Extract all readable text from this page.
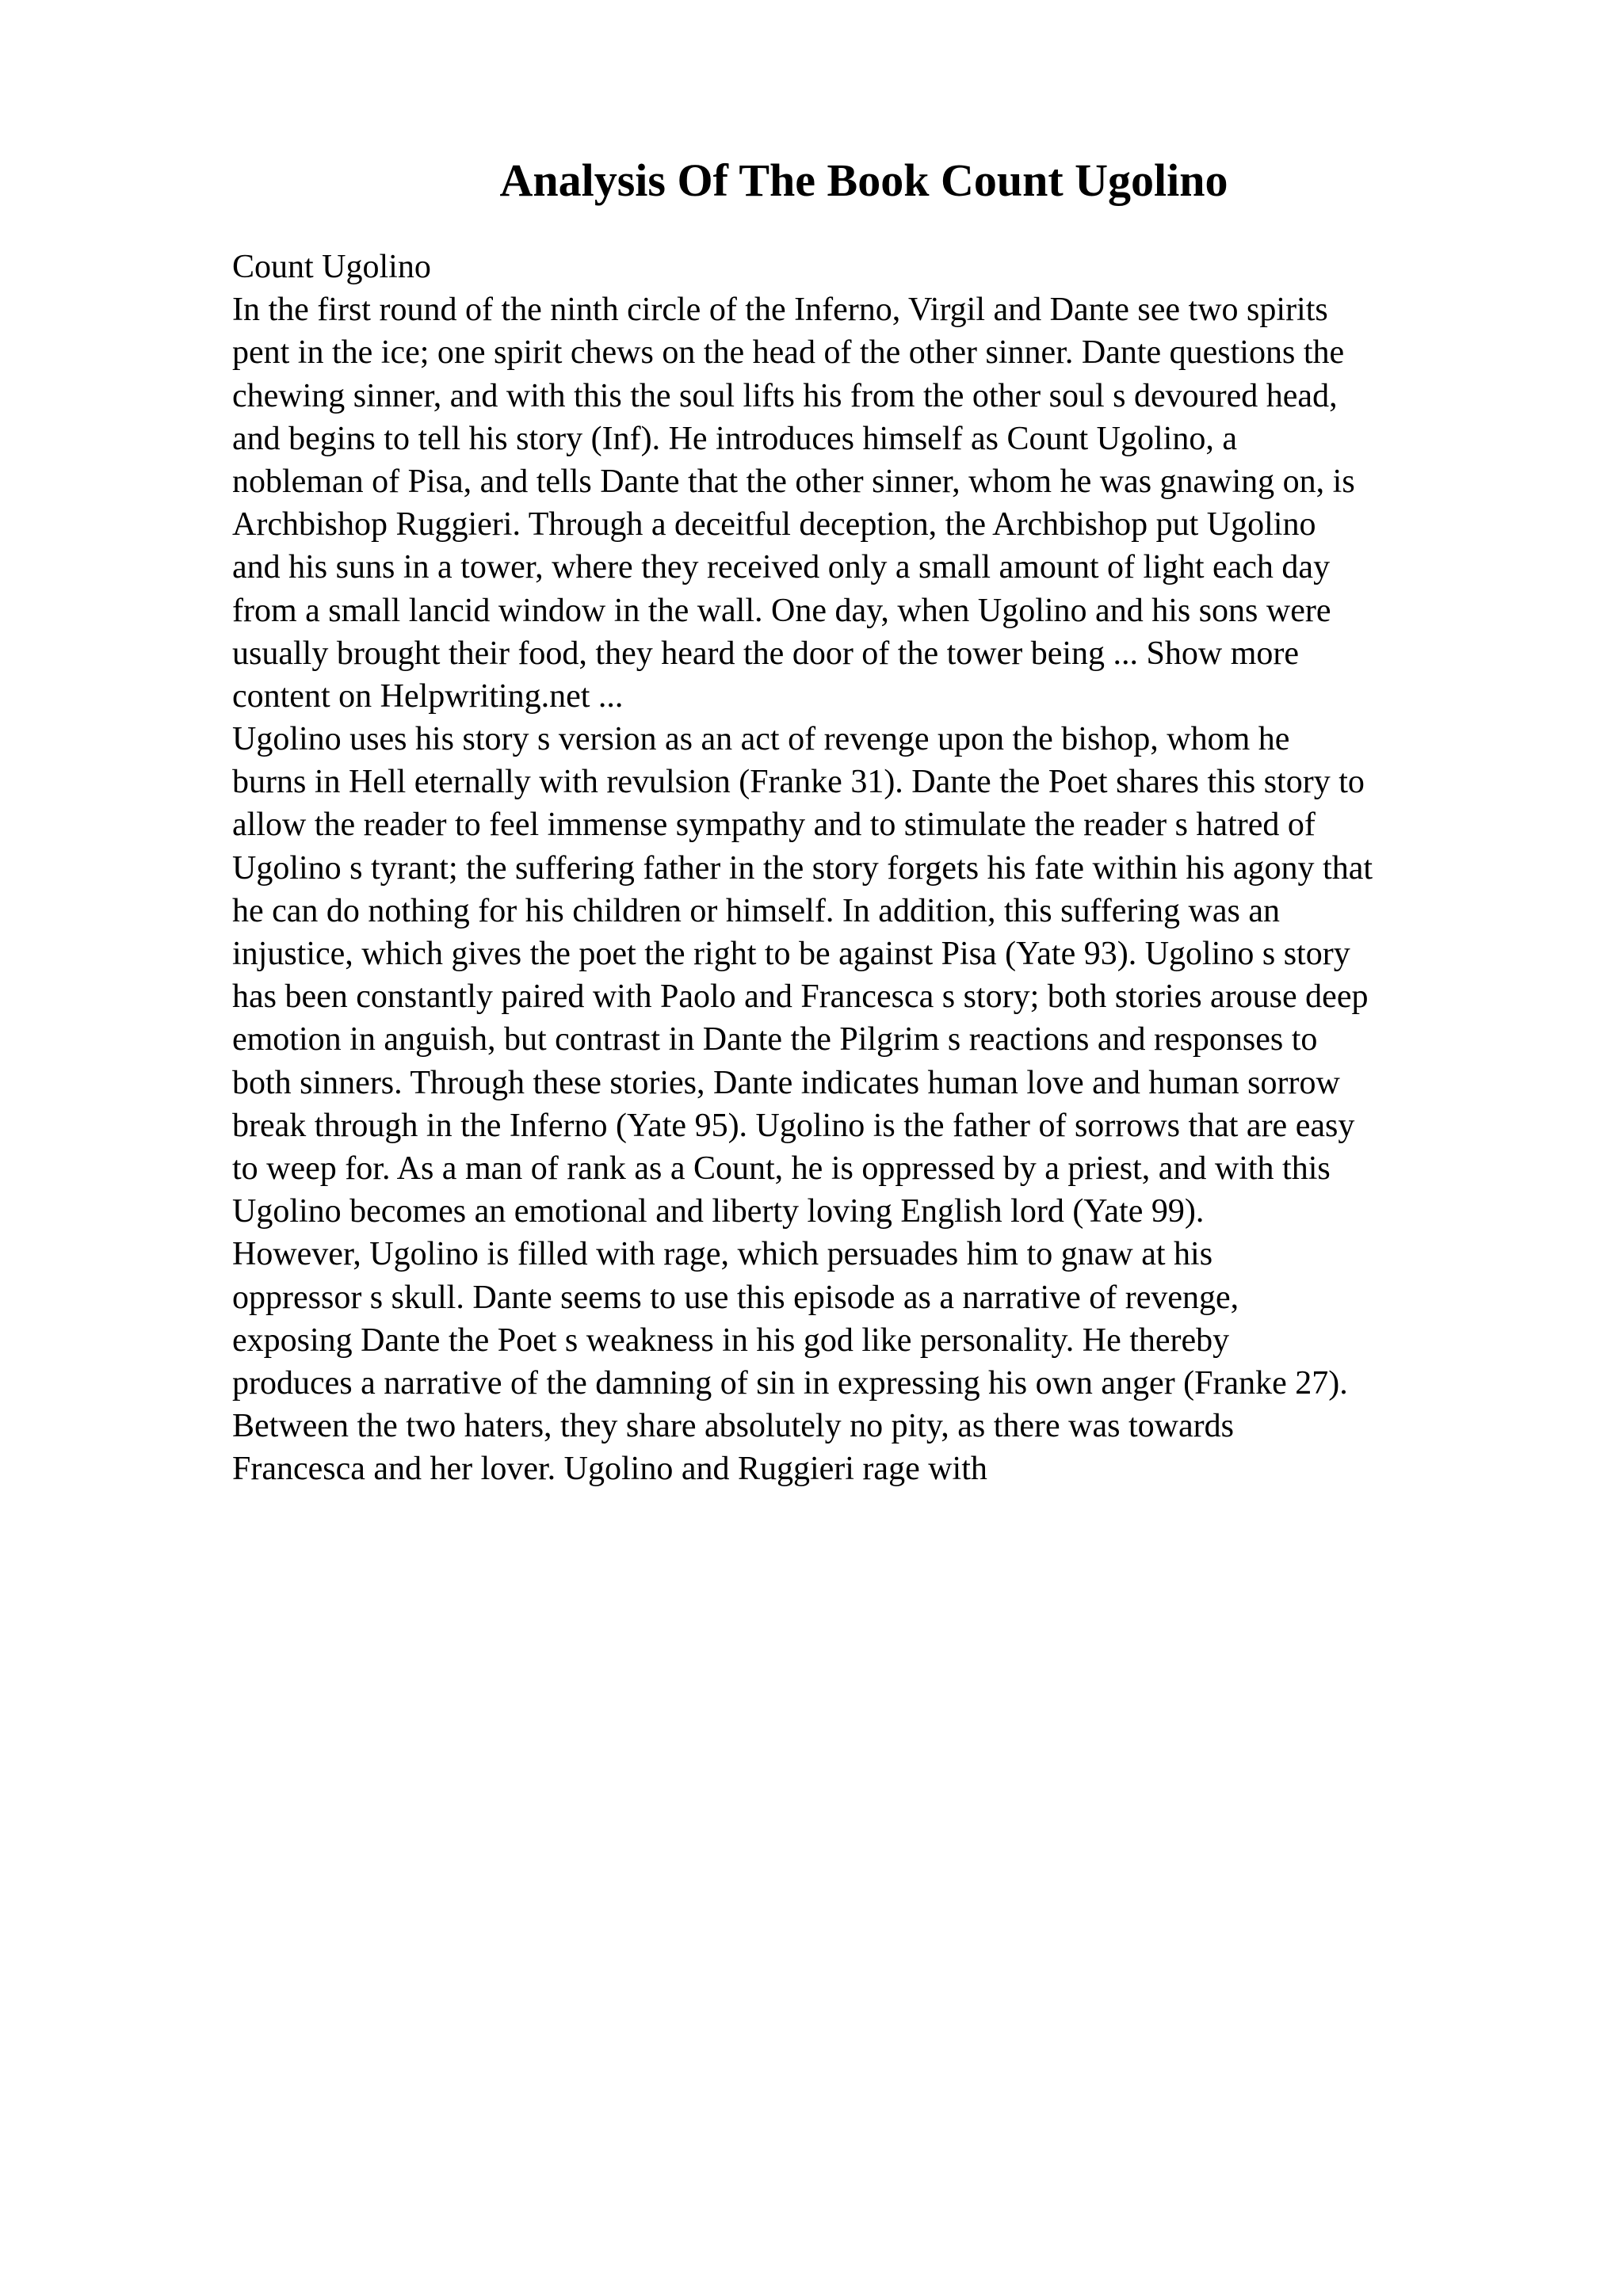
Analysis Of The Book Count Ugolino
Count Ugolino
In the first round of the ninth circle of the Inferno, Virgil and Dante see two spirits
pent in the ice; one spirit chews on the head of the other sinner. Dante questions the
chewing sinner, and with this the soul lifts his from the other soul s devoured head,
and begins to tell his story (Inf). He introduces himself as Count Ugolino, a
nobleman of Pisa, and tells Dante that the other sinner, whom he was gnawing on, is
Archbishop Ruggieri. Through a deceitful deception, the Archbishop put Ugolino
and his suns in a tower, where they received only a small amount of light each day
from a small lancid window in the wall. One day, when Ugolino and his sons were
usually brought their food, they heard the door of the tower being ... Show more
content on Helpwriting.net ...
Ugolino uses his story s version as an act of revenge upon the bishop, whom he
burns in Hell eternally with revulsion (Franke 31). Dante the Poet shares this story to
allow the reader to feel immense sympathy and to stimulate the reader s hatred of
Ugolino s tyrant; the suffering father in the story forgets his fate within his agony that
he can do nothing for his children or himself. In addition, this suffering was an
injustice, which gives the poet the right to be against Pisa (Yate 93). Ugolino s story
has been constantly paired with Paolo and Francesca s story; both stories arouse deep
emotion in anguish, but contrast in Dante the Pilgrim s reactions and responses to
both sinners. Through these stories, Dante indicates human love and human sorrow
break through in the Inferno (Yate 95). Ugolino is the father of sorrows that are easy
to weep for. As a man of rank as a Count, he is oppressed by a priest, and with this
Ugolino becomes an emotional and liberty loving English lord (Yate 99).
However, Ugolino is filled with rage, which persuades him to gnaw at his
oppressor s skull. Dante seems to use this episode as a narrative of revenge,
exposing Dante the Poet s weakness in his god like personality. He thereby
produces a narrative of the damning of sin in expressing his own anger (Franke 27).
Between the two haters, they share absolutely no pity, as there was towards
Francesca and her lover. Ugolino and Ruggieri rage with
